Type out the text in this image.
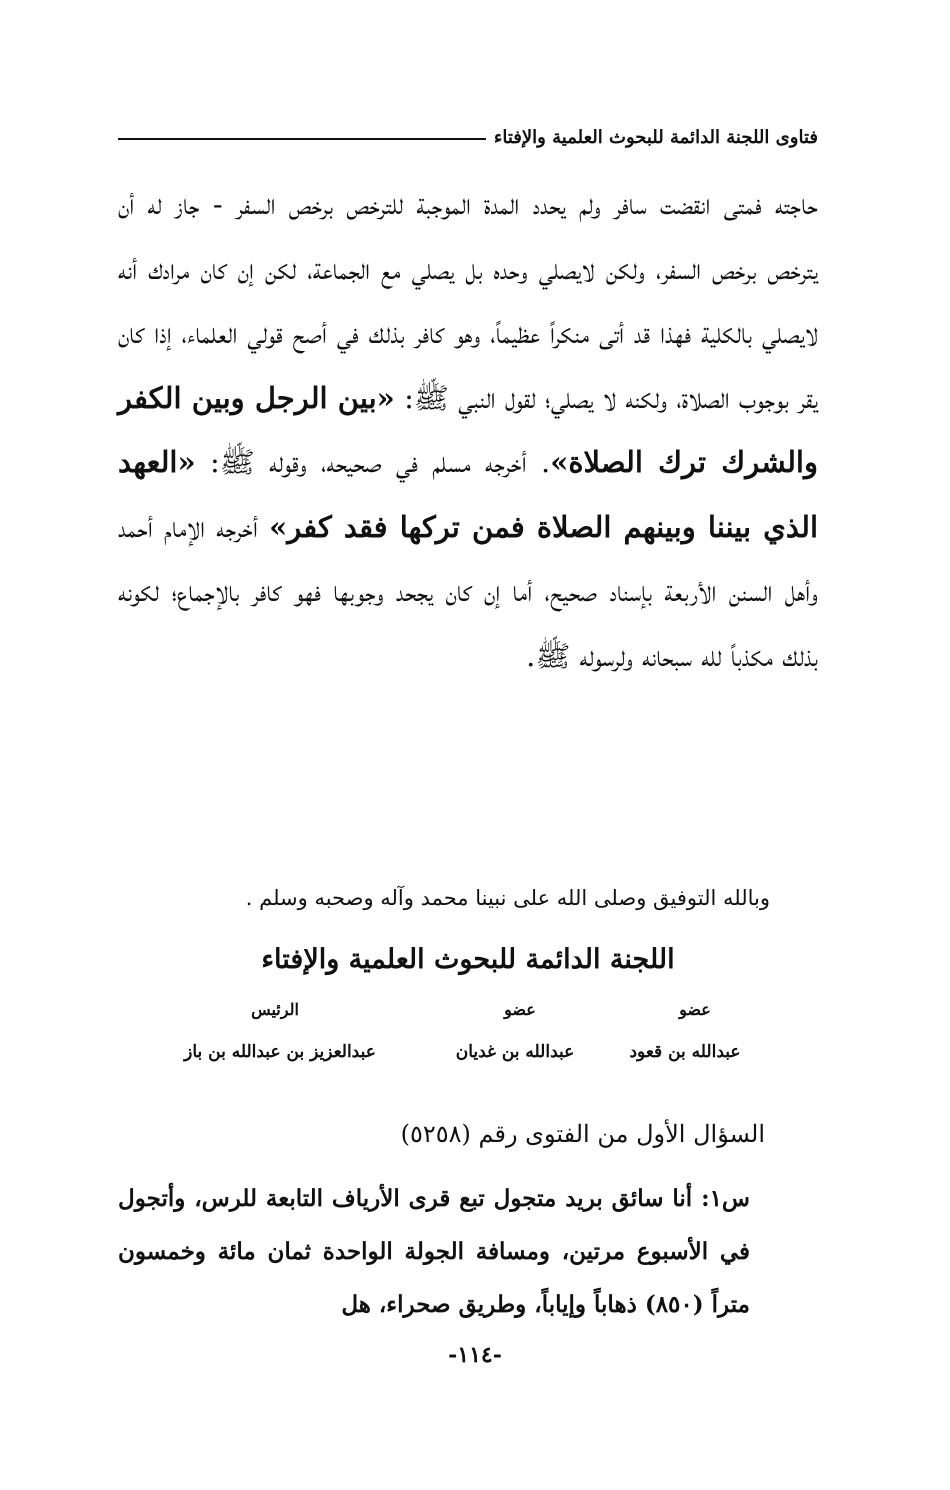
فتاوى اللجنة الدائمة للبحوث العلمية والإفتاء

حاجته فمتى انقضت سافر ولم يحدد المدة الموجبة للترخص برخص السفر - جاز له أن يترخص برخص السفر، ولكن لايصلي وحده بل يصلي مع الجماعة، لكن إن كان مرادك أنه لايصلي بالكلية فهذا قد أتى منكراً عظيماً، وهو كافر بذلك في أصح قولي العلماء، إذا كان يقر بوجوب الصلاة، ولكنه لا يصلي؛ لقول النبي ﷺ: «بين الرجل وبين الكفر والشرك ترك الصلاة». أخرجه مسلم في صحيحه، وقوله ﷺ: «العهد الذي بيننا وبينهم الصلاة فمن تركها فقد كفر» أخرجه الإمام أحمد وأهل السنن الأربعة بإسناد صحيح، أما إن كان يجحد وجوبها فهو كافر بالإجماع؛ لكونه بذلك مكذباً لله سبحانه ولرسوله ﷺ.

وبالله التوفيق وصلى الله على نبينا محمد وآله وصحبه وسلم .
اللجنة الدائمة للبحوث العلمية والإفتاء
عضو
عضو
الرئيس
عبدالله بن قعود
عبدالله بن غديان
عبدالعزيز بن عبدالله بن باز
السؤال الأول من الفتوى رقم (٥٢٥٨)
س١: أنا سائق بريد متجول تبع قرى الأرياف التابعة للرس، وأتجول في الأسبوع مرتين، ومسافة الجولة الواحدة ثمان مائة وخمسون متراً (٨٥٠) ذهاباً وإياباً، وطريق صحراء، هل
-١١٤-
